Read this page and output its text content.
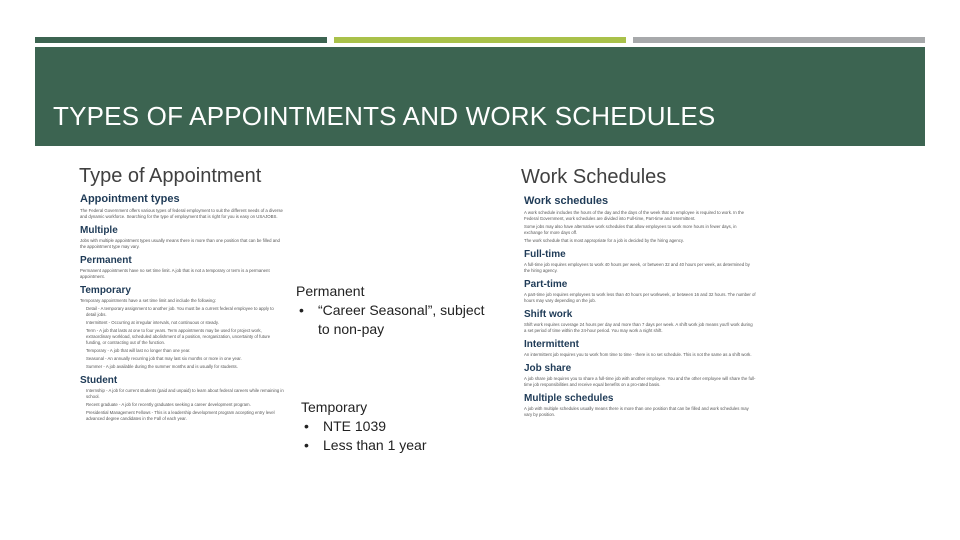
TYPES OF APPOINTMENTS AND WORK SCHEDULES
Type of Appointment	Work Schedules
Appointment types
The Federal Government offers various types of federal employment to suit the different needs of a diverse and dynamic workforce. Searching for the type of employment that is right for you is easy on USAJOBS.
Multiple
Jobs with multiple appointment types usually means there is more than one position that can be filled and the appointment type may vary.
Permanent
Permanent appointments have no set time limit. A job that is not a temporary or term is a permanent appointment.
Temporary
Temporary appointments have a set time limit and include the following:
• Detail - A temporary assignment to another job. You must be a current federal employee to apply to detail jobs.
• Intermittent - Occurring at irregular intervals, not continuous or steady.
• Term - A job that lasts at one to four years. Term appointments may be used for project work, extraordinary workload, scheduled abolishment of a position, reorganization, uncertainty of future funding, or contracting out of the function.
• Temporary - A job that will last no longer than one year.
• Seasonal - An annually recurring job that may last six months or more in one year.
• Summer - A job available during the summer months and is usually for students.
Student
• Internship - A job for current students (paid and unpaid) to learn about federal careers while remaining in school.
• Recent graduate - A job for recently graduates seeking a career development program.
• Presidential Management Fellows - This is a leadership development program accepting entry level advanced degree candidates in the Fall of each year.
Work schedules
A work schedule includes the hours of the day and the days of the week that an employee is required to work. In the Federal Government, work schedules are divided into Full-time, Part-time and Intermittent.
Some jobs may also have alternative work schedules that allow employees to work more hours in fewer days, in exchange for more days off.
The work schedule that is most appropriate for a job is decided by the hiring agency.
Full-time
A full-time job requires employees to work 40 hours per week, or between 32 and 40 hours per week, as determined by the hiring agency.
Part-time
A part-time job requires employees to work less than 40 hours per workweek, or between 16 and 32 hours. The number of hours may vary depending on the job.
Shift work
Shift work requires coverage 24 hours per day and more than 7 days per week. A shift work job means you'll work during a set period of time within the 24-hour period. You may work a night shift.
Intermittent
An intermittent job requires you to work from time to time - there is no set schedule. This is not the same as a shift work.
Job share
A job share job requires you to share a full-time job with another employee. You and the other employee will share the full-time job responsibilities and receive equal benefits on a pro-rated basis.
Multiple schedules
A job with multiple schedules usually means there is more than one position that can be filled and work schedules may vary by position.
Permanent
• “Career Seasonal”, subject to non-pay
Temporary
• NTE 1039
• Less than 1 year
